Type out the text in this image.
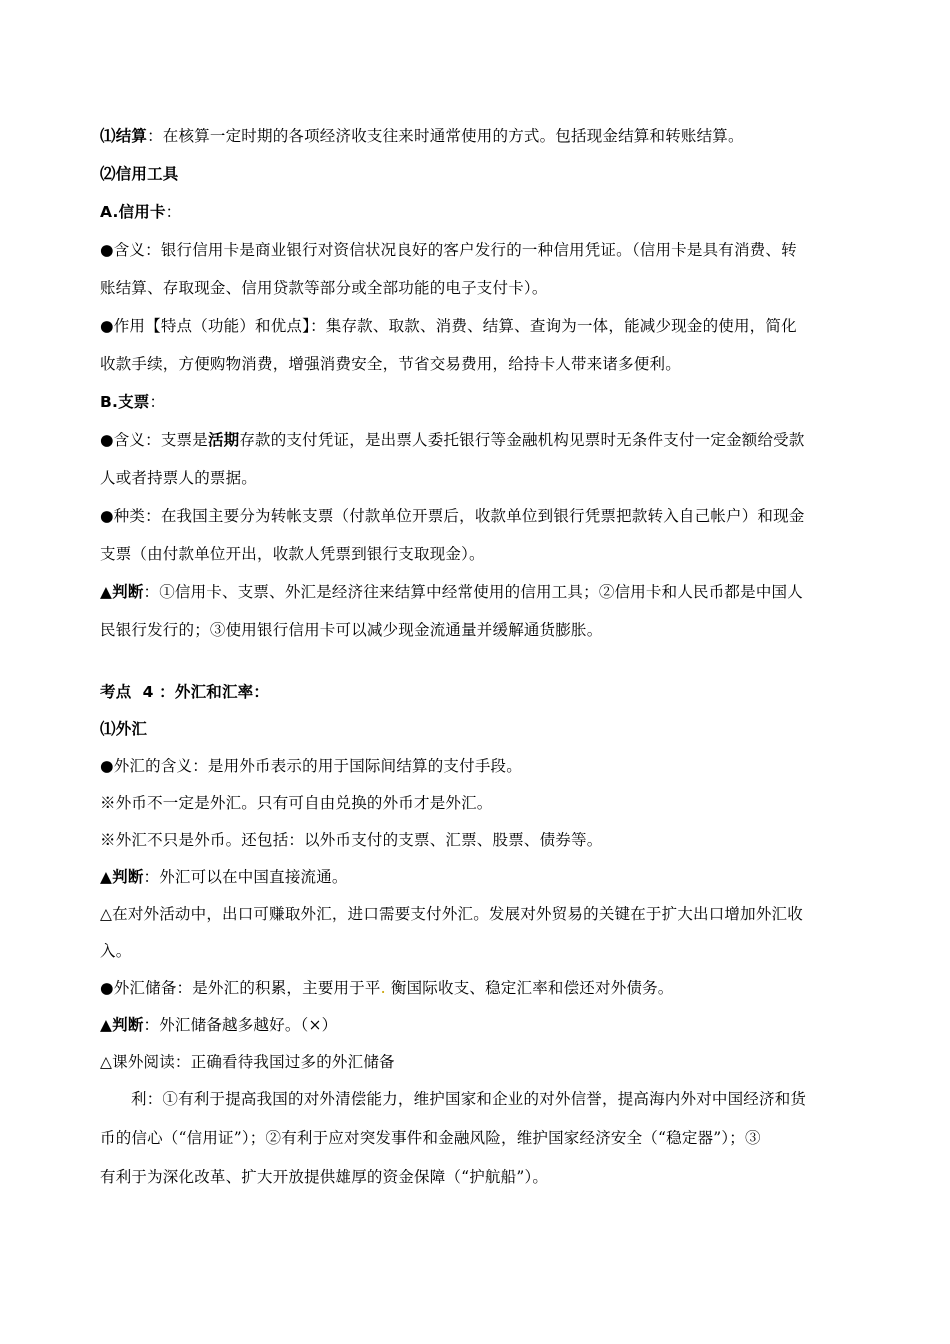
⑴结算：在核算一定时期的各项经济收支往来时通常使用的方式。包括现金结算和转账结算。
⑵信用工具
A.信用卡：
●含义：银行信用卡是商业银行对资信状况良好的客户发行的一种信用凭证。（信用卡是具有消费、转
账结算、存取现金、信用贷款等部分或全部功能的电子支付卡）。
●作用【特点（功能）和优点】：集存款、取款、消费、结算、查询为一体，能减少现金的使用，简化
收款手续，方便购物消费，增强消费安全，节省交易费用，给持卡人带来诸多便利。
B.支票：
●含义：支票是活期存款的支付凭证，是出票人委托银行等金融机构见票时无条件支付一定金额给受款
人或者持票人的票据。
●种类：在我国主要分为转帐支票（付款单位开票后，收款单位到银行凭票把款转入自己帐户）和现金
支票（由付款单位开出，收款人凭票到银行支取现金）。
▲判断：①信用卡、支票、外汇是经济往来结算中经常使用的信用工具；②信用卡和人民币都是中国人
民银行发行的；③使用银行信用卡可以减少现金流通量并缓解通货膨胀。
考点  4 ：外汇和汇率：
⑴外汇
●外汇的含义：是用外币表示的用于国际间结算的支付手段。
※外币不一定是外汇。只有可自由兑换的外币才是外汇。
※外汇不只是外币。还包括：以外币支付的支票、汇票、股票、债券等。
▲判断：外汇可以在中国直接流通。
△在对外活动中，出口可赚取外汇，进口需要支付外汇。发展对外贸易的关键在于扩大出口增加外汇收
入。
●外汇储备：是外汇的积累，主要用于平. 衡国际收支、稳定汇率和偿还对外债务。
▲判断：外汇储备越多越好。（×）
△课外阅读：正确看待我国过多的外汇储备
利：①有利于提高我国的对外清偿能力，维护国家和企业的对外信誉，提高海内外对中国经济和货
币的信心（“信用证”）；②有利于应对突发事件和金融风险，维护国家经济安全（“稳定器”）；③
有利于为深化改革、扩大开放提供雄厚的资金保障（“护航船”）。
